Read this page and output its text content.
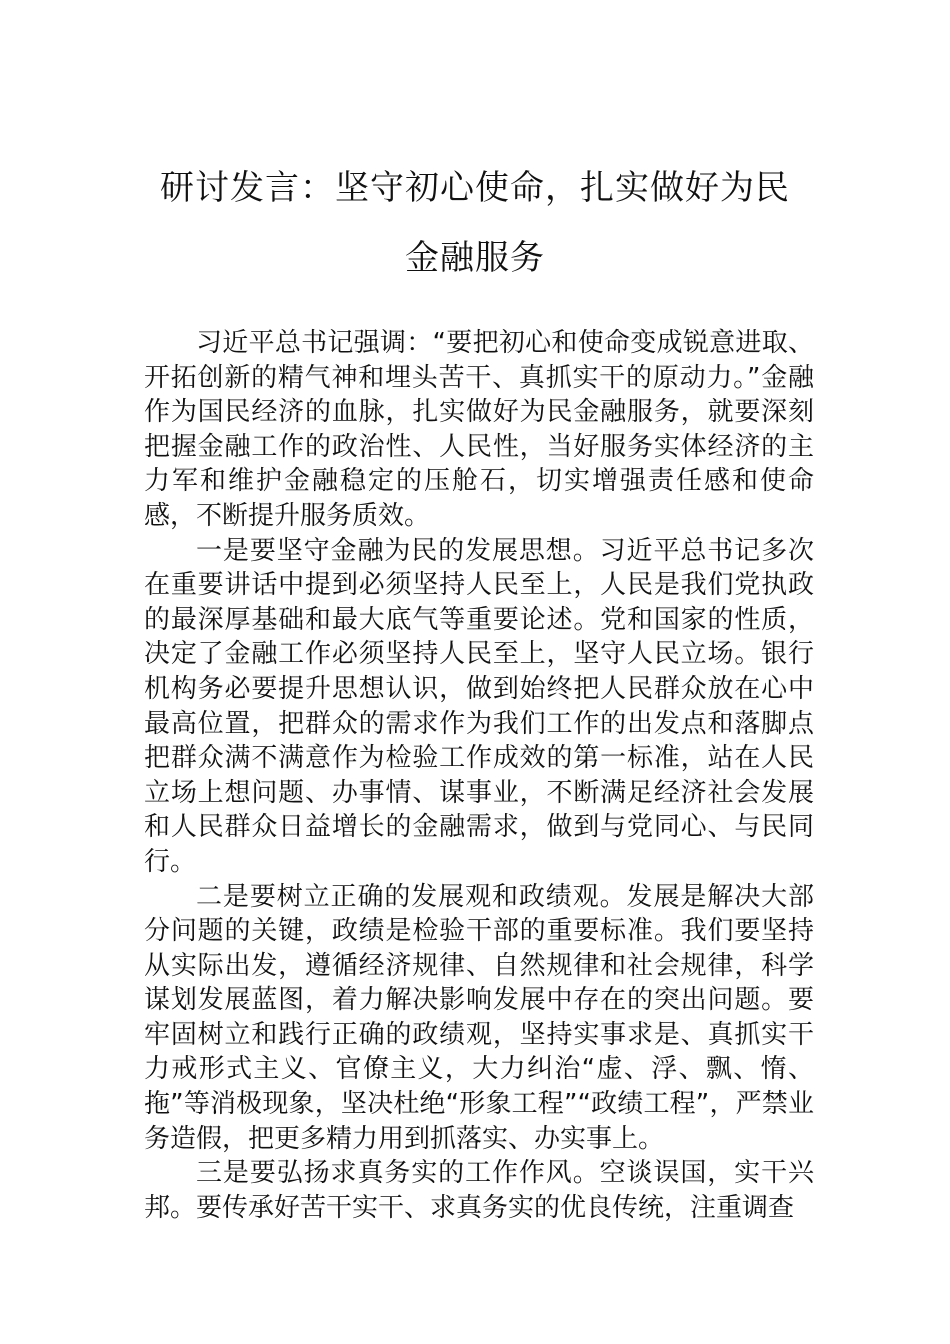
研讨发言：坚守初心使命，扎实做好为民
金融服务

习近平总书记强调：“要把初心和使命变成锐意进取、开拓创新的精气神和埋头苦干、真抓实干的原动力。”金融作为国民经济的血脉，扎实做好为民金融服务，就要深刻把握金融工作的政治性、人民性，当好服务实体经济的主力军和维护金融稳定的压舱石，切实增强责任感和使命感，不断提升服务质效。

一是要坚守金融为民的发展思想。习近平总书记多次在重要讲话中提到必须坚持人民至上，人民是我们党执政的最深厚基础和最大底气等重要论述。党和国家的性质，决定了金融工作必须坚持人民至上，坚守人民立场。银行机构务必要提升思想认识，做到始终把人民群众放在心中最高位置，把群众的需求作为我们工作的出发点和落脚点把群众满不满意作为检验工作成效的第一标准，站在人民立场上想问题、办事情、谋事业，不断满足经济社会发展和人民群众日益增长的金融需求，做到与党同心、与民同行。

二是要树立正确的发展观和政绩观。发展是解决大部分问题的关键，政绩是检验干部的重要标准。我们要坚持从实际出发，遵循经济规律、自然规律和社会规律，科学谋划发展蓝图，着力解决影响发展中存在的突出问题。要牢固树立和践行正确的政绩观，坚持实事求是、真抓实干力戒形式主义、官僚主义，大力纠治“虚、浮、飘、惰、拖”等消极现象，坚决杜绝“形象工程”“政绩工程”，严禁业务造假，把更多精力用到抓落实、办实事上。

三是要弘扬求真务实的工作作风。空谈误国，实干兴邦。要传承好苦干实干、求真务实的优良传统，注重调查
